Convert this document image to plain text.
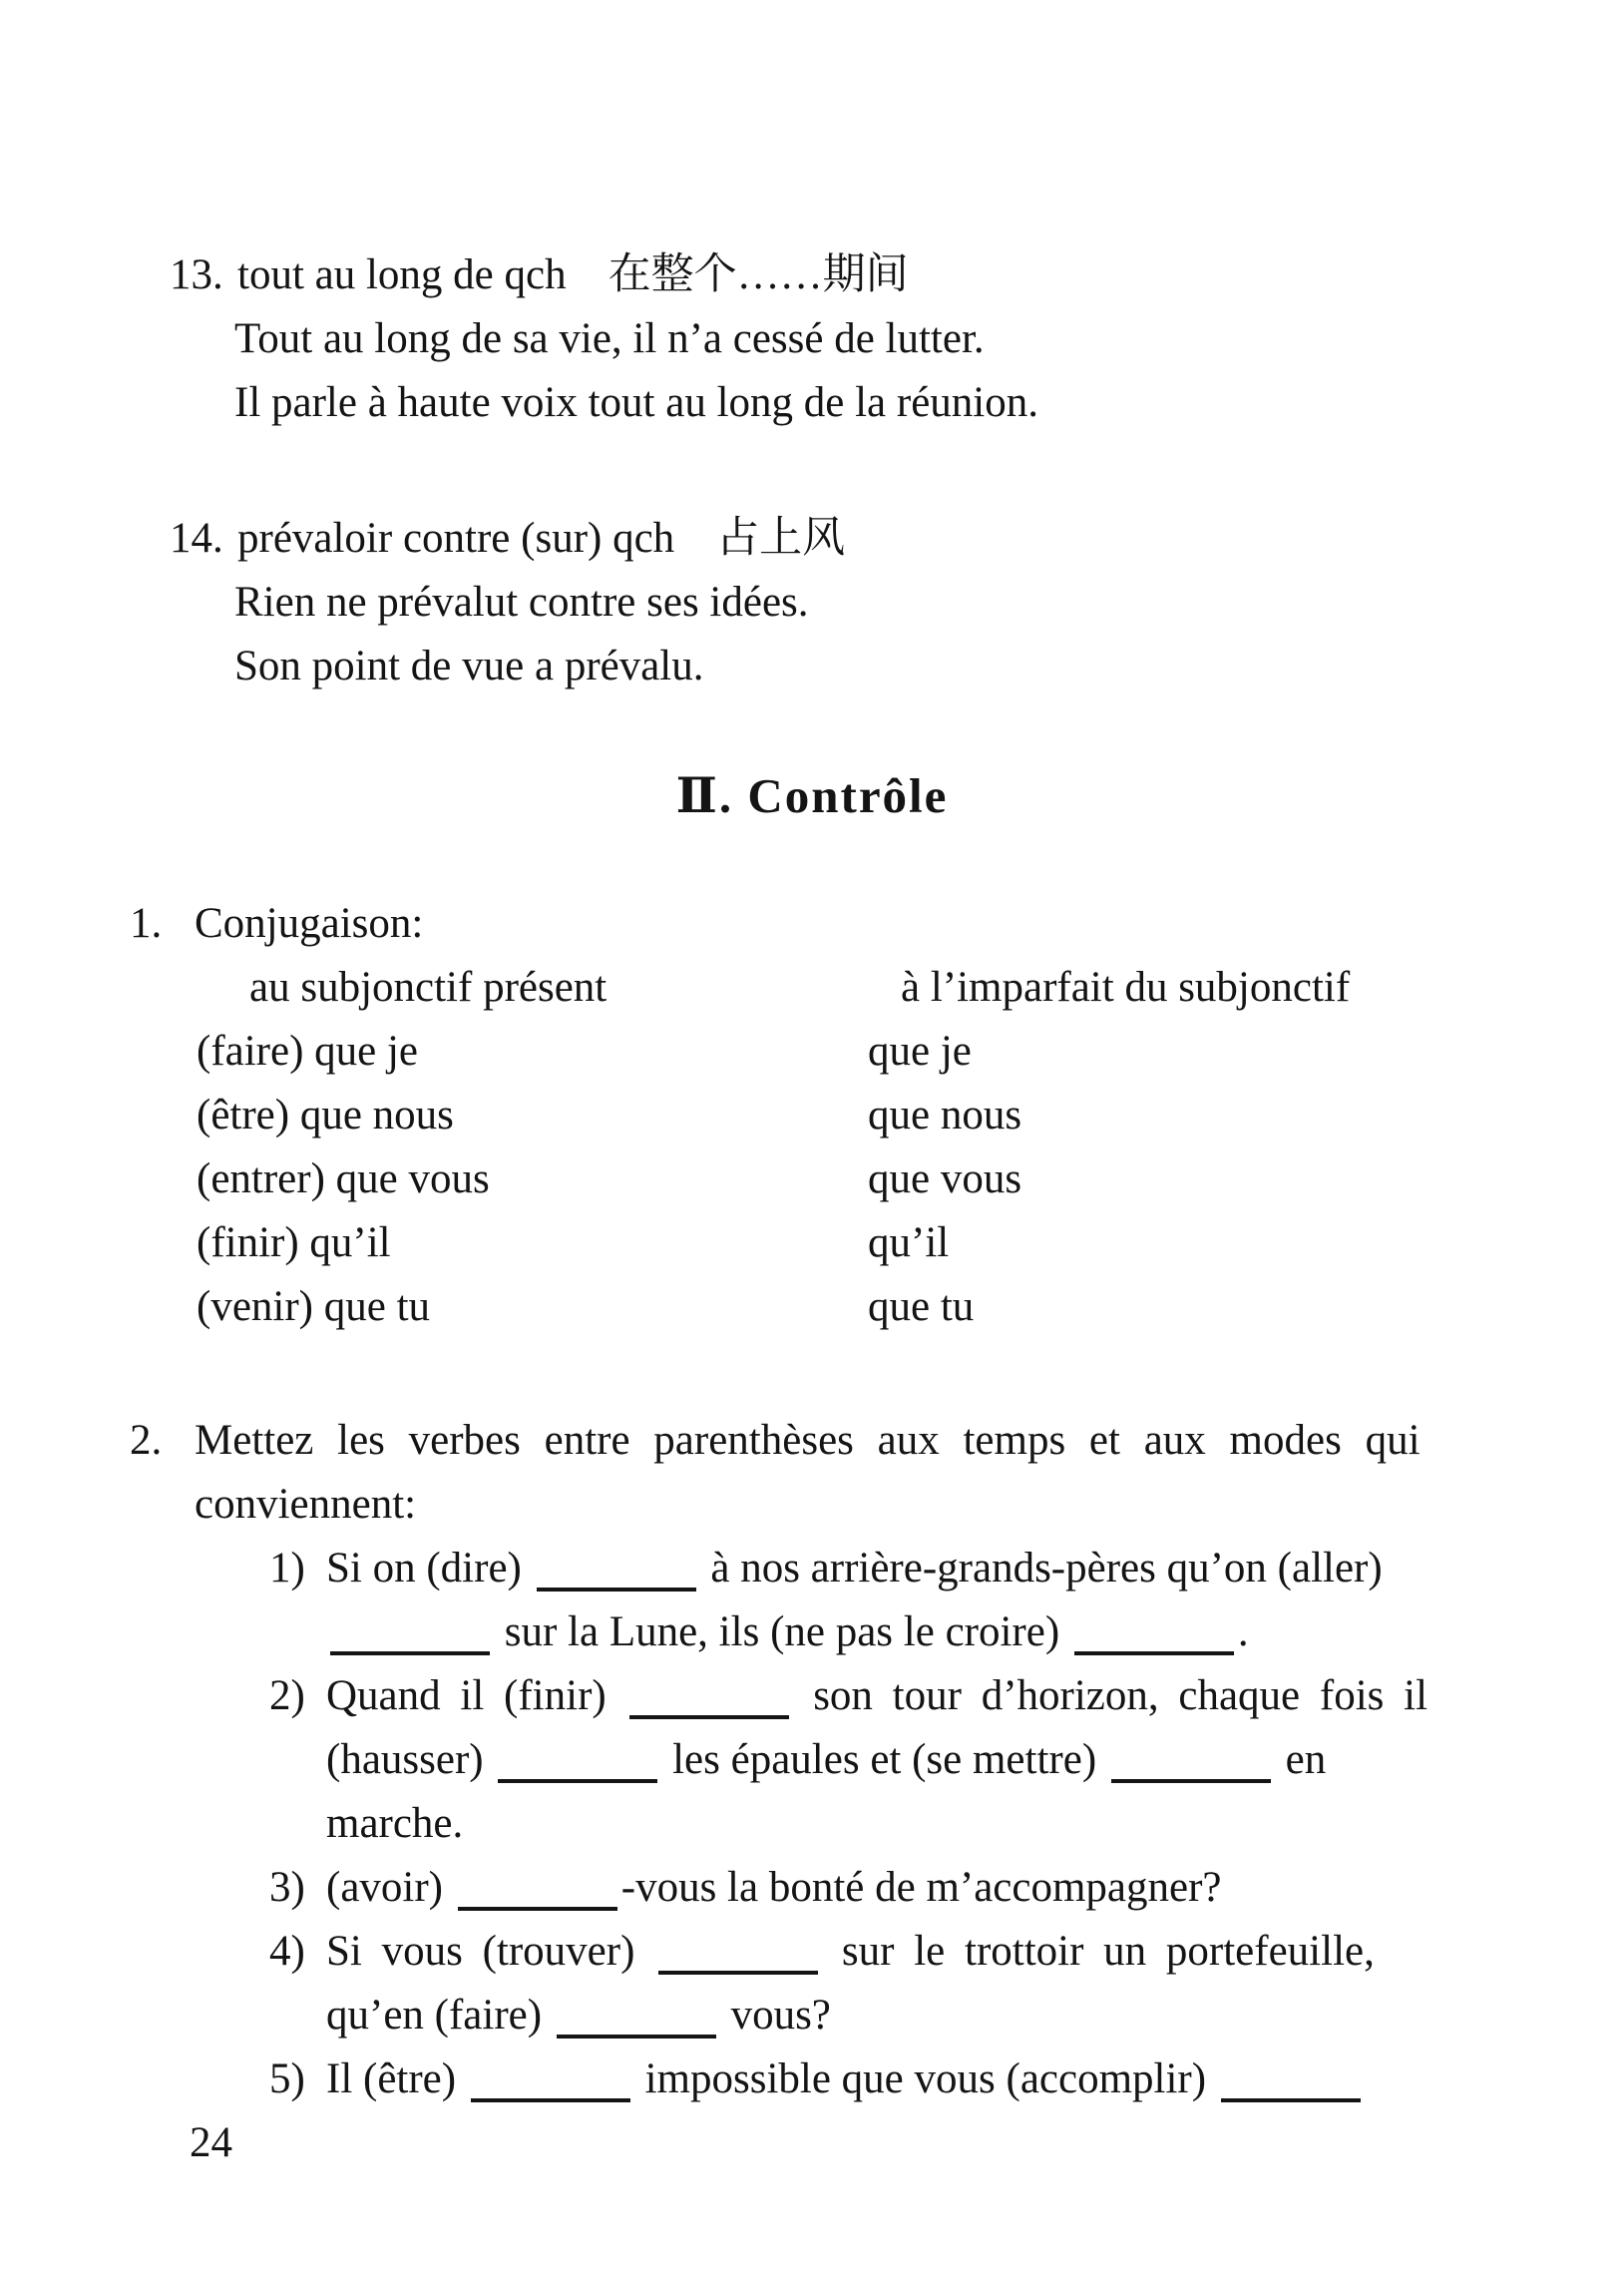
13. tout au long de qch 在整个……期间
Tout au long de sa vie, il n’a cessé de lutter.
Il parle à haute voix tout au long de la réunion.
14. prévaloir contre (sur) qch 占上风
Rien ne prévalut contre ses idées.
Son point de vue a prévalu.
Ⅱ. Contrôle
1. Conjugaison:
au subjonctif présent	à l’imparfait du subjonctif
(faire) que je	que je
(être) que nous	que nous
(entrer) que vous	que vous
(finir) qu’il	qu’il
(venir) que tu	que tu
2. Mettez les verbes entre parenthèses aux temps et aux modes qui
conviennent:
1) Si on (dire)	à nos arrière-grands-pères qu’on (aller)
sur la Lune, ils (ne pas le croire)	.
2) Quand il (finir)	son tour d’horizon, chaque fois il
(hausser)	les épaules et (se mettre)	en
marche.
3) (avoir)	-vous la bonté de m’accompagner?
4) Si vous (trouver)	sur le trottoir un portefeuille,
qu’en (faire)	vous?
5) Il (être)	impossible que vous (accomplir)
24
